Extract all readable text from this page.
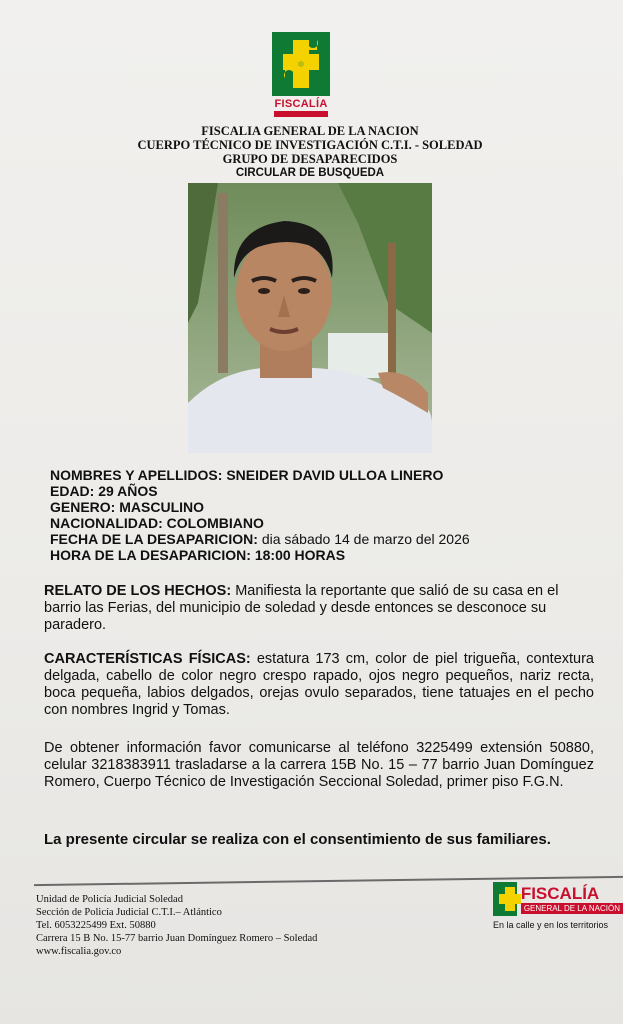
FISCALÍA
FISCALIA GENERAL DE LA NACION
CUERPO TÉCNICO DE INVESTIGACIÓN C.T.I. - SOLEDAD
GRUPO DE DESAPARECIDOS
CIRCULAR DE BUSQUEDA
NOMBRES Y APELLIDOS: SNEIDER DAVID ULLOA LINERO
EDAD: 29 AÑOS
GENERO: MASCULINO
NACIONALIDAD: COLOMBIANO
FECHA DE LA DESAPARICION: dia sábado 14 de marzo del 2026
HORA DE LA DESAPARICION: 18:00 HORAS
RELATO DE LOS HECHOS: Manifiesta la reportante que salió de su casa en el barrio las Ferias, del municipio de soledad y desde entonces se desconoce su paradero.
CARACTERÍSTICAS FÍSICAS: estatura 173 cm, color de piel trigueña, contextura delgada, cabello de color negro crespo rapado, ojos negro pequeños, nariz recta, boca pequeña, labios delgados, orejas ovulo separados, tiene tatuajes en el pecho con nombres Ingrid y Tomas.
De obtener información favor comunicarse al teléfono 3225499 extensión 50880, celular 3218383911 trasladarse a la carrera 15B No. 15 – 77 barrio Juan Domínguez Romero, Cuerpo Técnico de Investigación Seccional Soledad, primer piso F.G.N.
La presente circular se realiza con el consentimiento de sus familiares.
Unidad de Policía Judicial Soledad
Sección de Policía Judicial C.T.I.– Atlántico
Tel. 6053225499 Ext. 50880
Carrera 15 B No. 15-77 barrio Juan Domínguez Romero – Soledad
www.fiscalia.gov.co
FISCALÍA
GENERAL DE LA NACIÓN
En la calle y en los territorios
